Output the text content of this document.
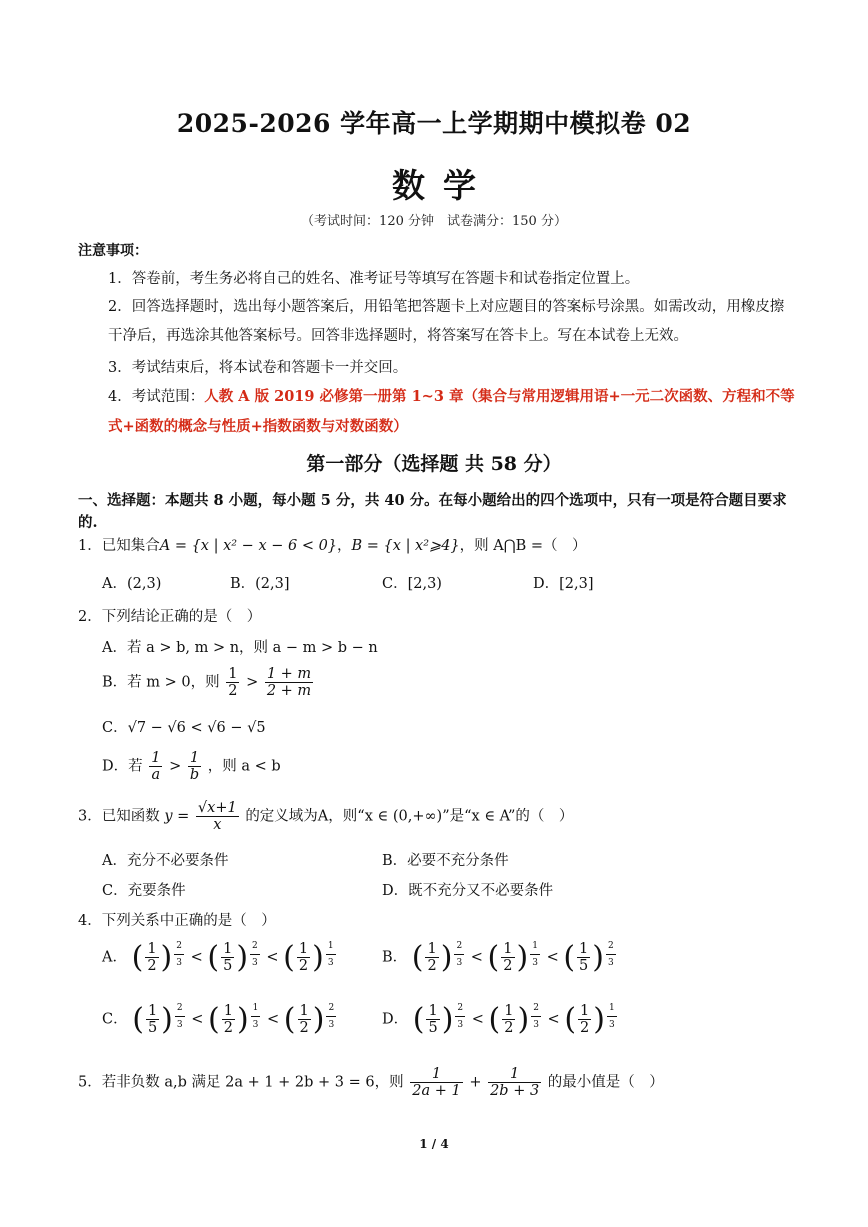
2025-2026 学年高一上学期期中模拟卷 02
数学
（考试时间：120 分钟　试卷满分：150 分）
注意事项：
1．答卷前，考生务必将自己的姓名、准考证号等填写在答题卡和试卷指定位置上。
2．回答选择题时，选出每小题答案后，用铅笔把答题卡上对应题目的答案标号涂黑。如需改动，用橡皮擦干净后，再选涂其他答案标号。回答非选择题时，将答案写在答卡上。写在本试卷上无效。
3．考试结束后，将本试卷和答题卡一并交回。
4．考试范围：人教 A 版 2019 必修第一册第 1~3 章（集合与常用逻辑用语+一元二次函数、方程和不等式+函数的概念与性质+指数函数与对数函数）
第一部分（选择题 共 58 分）
一、选择题：本题共 8 小题，每小题 5 分，共 40 分。在每小题给出的四个选项中，只有一项是符合题目要求的.
1．已知集合A = {x | x² − x − 6 < 0}，B = {x | x²⩾4}，则 A⋂B =（　）
A．(2,3)	B．(2,3]	C．[2,3)	D．[2,3]
2．下列结论正确的是（　）
A．若 a > b, m > n，则 a − m > b − n
B．若 m > 0，则 $\frac{1}{2} > \frac{1 + m}{2 + m}$
C．√7 − √6 < √6 − √5
D．若 $\frac{1}{a} > \frac{1}{b}$ ，则 a < b
3．已知函数 $y = \frac{√x+1}{x}$ 的定义域为A，则“x ∈ (0,+∞)”是“x ∈ A”的（　）
A．充分不必要条件	B．必要不充分条件
C．充要条件	D．既不充分又不必要条件
4．下列关系中正确的是（　）
A． ( $\frac{1}{2}$ ) $\frac{2}{3}$ < ( $\frac{1}{5}$ ) $\frac{2}{3}$ < ( $\frac{1}{2}$ ) $\frac{1}{3}$	B． ( $\frac{1}{2}$ ) $\frac{2}{3}$ < ( $\frac{1}{2}$ ) $\frac{1}{3}$ < ( $\frac{1}{5}$ ) $\frac{2}{3}$
C． ( $\frac{1}{5}$ ) $\frac{2}{3}$ < ( $\frac{1}{2}$ ) $\frac{1}{3}$ < ( $\frac{1}{2}$ ) $\frac{2}{3}$	D． ( $\frac{1}{5}$ ) $\frac{2}{3}$ < ( $\frac{1}{2}$ ) $\frac{2}{3}$ < ( $\frac{1}{2}$ ) $\frac{1}{3}$
5．若非负数 a,b 满足 2a + 1 + 2b + 3 = 6，则 $\frac{1}{2a + 1} + \frac{1}{2b + 3}$ 的最小值是（　）
1 / 4
